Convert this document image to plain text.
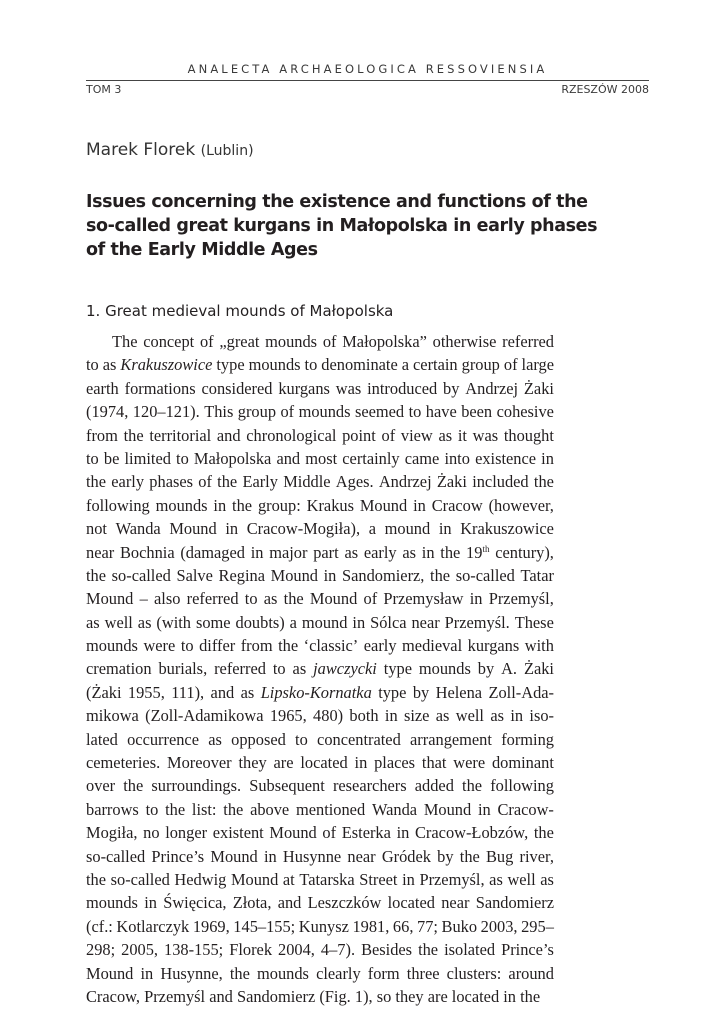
ANALECTA ARCHAEOLOGICA RESSOVIENSIA
TOM 3	RZESZÓW 2008
Marek Florek (Lublin)
Issues concerning the existence and functions of the
so-called great kurgans in Małopolska in early phases
of the Early Middle Ages
1. Great medieval mounds of Małopolska
The concept of „great mounds of Małopolska” otherwise referred
to as Krakuszowice type mounds to denominate a certain group of large
earth formations considered kurgans was introduced by Andrzej Żaki
(1974, 120–121). This group of mounds seemed to have been cohesive
from the territorial and chronological point of view as it was thought
to be limited to Małopolska and most certainly came into existence in
the early phases of the Early Middle Ages. Andrzej Żaki included the
following mounds in the group: Krakus Mound in Cracow (however,
not Wanda Mound in Cracow-Mogiła), a mound in Krakuszowice
near Bochnia (damaged in major part as early as in the 19th century),
the so-called Salve Regina Mound in Sandomierz, the so-called Tatar
Mound – also referred to as the Mound of Przemysław in Przemyśl,
as well as (with some doubts) a mound in Sólca near Przemyśl. These
mounds were to differ from the ‘classic’ early medieval kurgans with
cremation burials, referred to as jawczycki type mounds by A. Żaki
(Żaki 1955, 111), and as Lipsko-Kornatka type by Helena Zoll-Ada-
mikowa (Zoll-Adamikowa 1965, 480) both in size as well as in iso-
lated occurrence as opposed to concentrated arrangement forming
cemeteries. Moreover they are located in places that were dominant
over the surroundings. Subsequent researchers added the following
barrows to the list: the above mentioned Wanda Mound in Cracow-
Mogiła, no longer existent Mound of Esterka in Cracow-Łobzów, the
so-called Prince’s Mound in Husynne near Gródek by the Bug river,
the so-called Hedwig Mound at Tatarska Street in Przemyśl, as well as
mounds in Święcica, Złota, and Leszczków located near Sandomierz
(cf.: Kotlarczyk 1969, 145–155; Kunysz 1981, 66, 77; Buko 2003, 295–
298; 2005, 138-155; Florek 2004, 4–7). Besides the isolated Prince’s
Mound in Husynne, the mounds clearly form three clusters: around
Cracow, Przemyśl and Sandomierz (Fig. 1), so they are located in the
